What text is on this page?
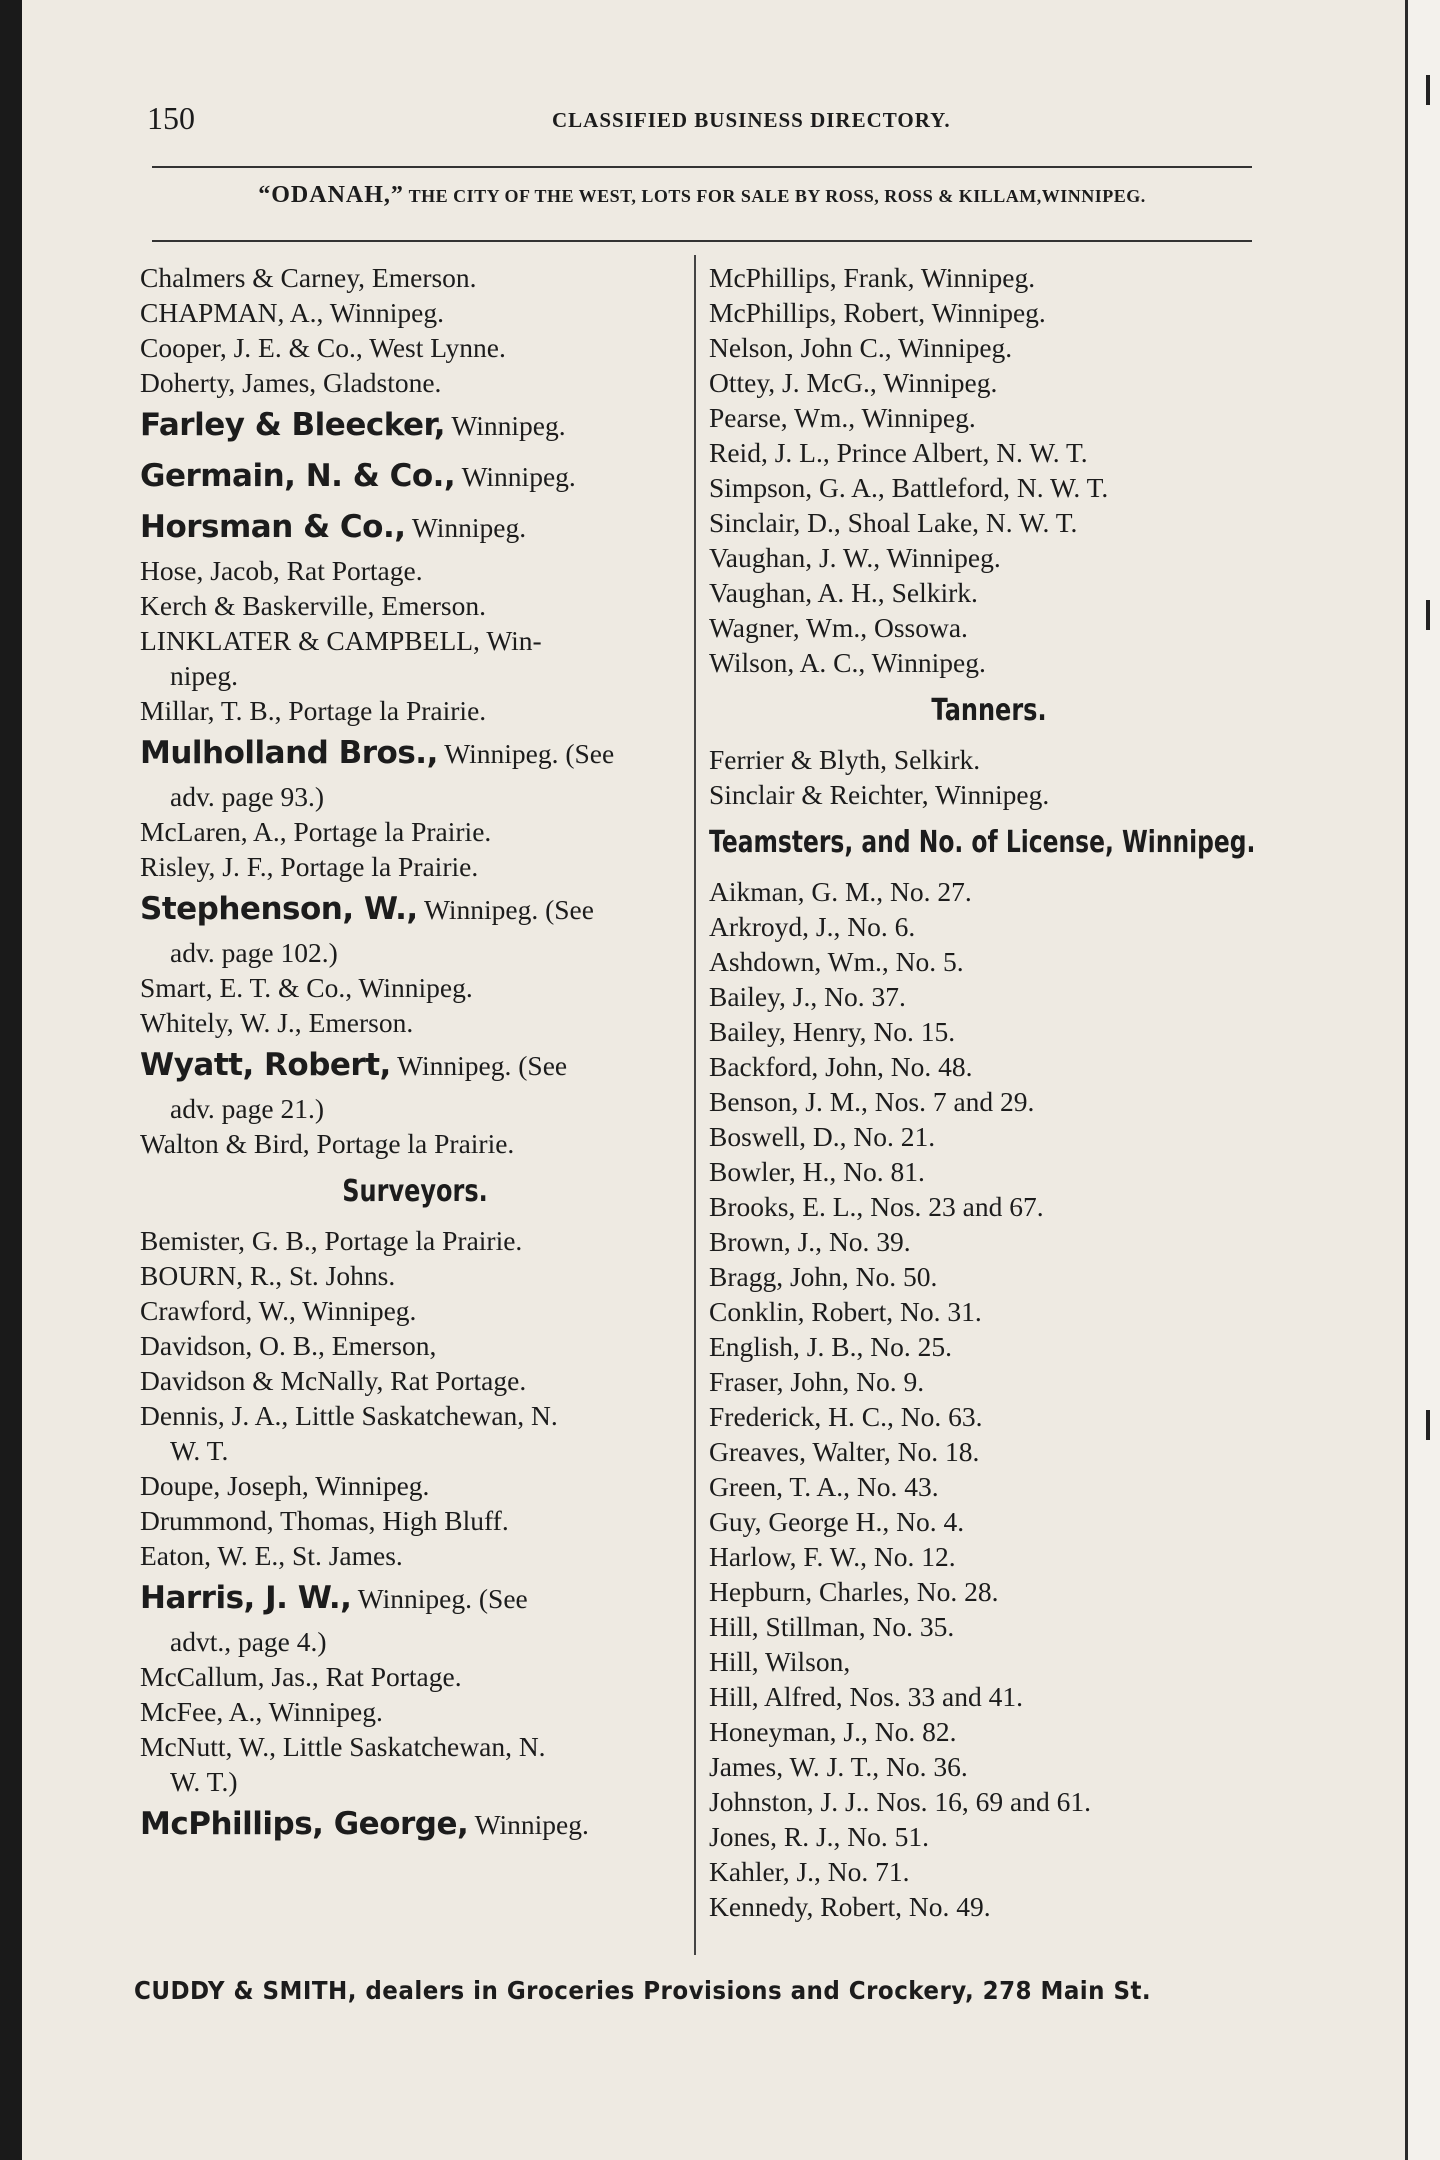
150	CLASSIFIED BUSINESS DIRECTORY.
“ODANAH,” THE CITY OF THE WEST, LOTS FOR SALE BY ROSS, ROSS & KILLAM,WINNIPEG.

Chalmers & Carney, Emerson.

CHAPMAN, A., Winnipeg.

Cooper, J. E. & Co., West Lynne.

Doherty, James, Gladstone.

Farley & Bleecker, Winnipeg.

Germain, N. & Co., Winnipeg.

Horsman & Co., Winnipeg.

Hose, Jacob, Rat Portage.

Kerch & Baskerville, Emerson.

LINKLATER & CAMPBELL, Win-

nipeg.

Millar, T. B., Portage la Prairie.

Mulholland Bros., Winnipeg. (See

adv. page 93.)

McLaren, A., Portage la Prairie.

Risley, J. F., Portage la Prairie.

Stephenson, W., Winnipeg. (See

adv. page 102.)

Smart, E. T. & Co., Winnipeg.

Whitely, W. J., Emerson.

Wyatt, Robert, Winnipeg. (See

adv. page 21.)

Walton & Bird, Portage la Prairie.

Surveyors.

Bemister, G. B., Portage la Prairie.

BOURN, R., St. Johns.

Crawford, W., Winnipeg.

Davidson, O. B., Emerson,

Davidson & McNally, Rat Portage.

Dennis, J. A., Little Saskatchewan, N.

W. T.

Doupe, Joseph, Winnipeg.

Drummond, Thomas, High Bluff.

Eaton, W. E., St. James.

Harris, J. W., Winnipeg. (See

advt., page 4.)

McCallum, Jas., Rat Portage.

McFee, A., Winnipeg.

McNutt, W., Little Saskatchewan, N.

W. T.)

McPhillips, George, Winnipeg.

McPhillips, Frank, Winnipeg.

McPhillips, Robert, Winnipeg.

Nelson, John C., Winnipeg.

Ottey, J. McG., Winnipeg.

Pearse, Wm., Winnipeg.

Reid, J. L., Prince Albert, N. W. T.

Simpson, G. A., Battleford, N. W. T.

Sinclair, D., Shoal Lake, N. W. T.

Vaughan, J. W., Winnipeg.

Vaughan, A. H., Selkirk.

Wagner, Wm., Ossowa.

Wilson, A. C., Winnipeg.

Tanners.

Ferrier & Blyth, Selkirk.

Sinclair & Reichter, Winnipeg.

Teamsters, and No. of License, Winnipeg.

Aikman, G. M., No. 27.

Arkroyd, J., No. 6.

Ashdown, Wm., No. 5.

Bailey, J., No. 37.

Bailey, Henry, No. 15.

Backford, John, No. 48.

Benson, J. M., Nos. 7 and 29.

Boswell, D., No. 21.

Bowler, H., No. 81.

Brooks, E. L., Nos. 23 and 67.

Brown, J., No. 39.

Bragg, John, No. 50.

Conklin, Robert, No. 31.

English, J. B., No. 25.

Fraser, John, No. 9.

Frederick, H. C., No. 63.

Greaves, Walter, No. 18.

Green, T. A., No. 43.

Guy, George H., No. 4.

Harlow, F. W., No. 12.

Hepburn, Charles, No. 28.

Hill, Stillman, No. 35.

Hill, Wilson,

Hill, Alfred, Nos. 33 and 41.

Honeyman, J., No. 82.

James, W. J. T., No. 36.

Johnston, J. J.. Nos. 16, 69 and 61.

Jones, R. J., No. 51.

Kahler, J., No. 71.

Kennedy, Robert, No. 49.

CUDDY & SMITH, dealers in Groceries Provisions and Crockery, 278 Main St.
